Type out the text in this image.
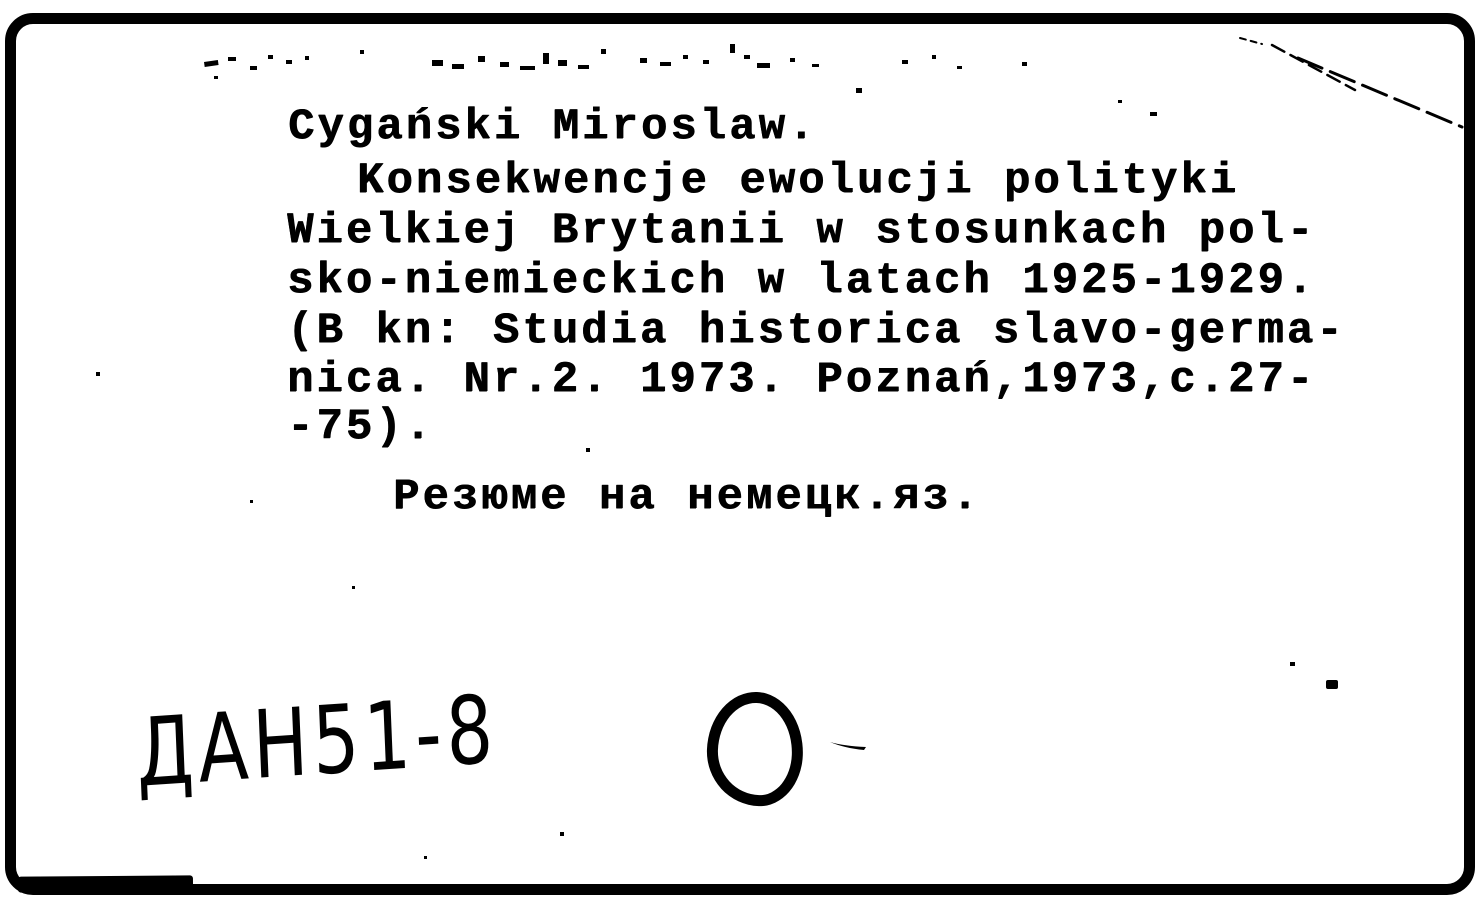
Cygański Miroslaw.
Konsekwencje ewolucji polityki
Wielkiej Brytanii w stosunkach pol-
sko-niemieckich w latach 1925-1929.
(B kn: Studia historica slavo-germa-
nica. Nr.2. 1973. Poznań,1973,c.27-
-75).
Резюме на немецк.яз.
ДАН51-8
